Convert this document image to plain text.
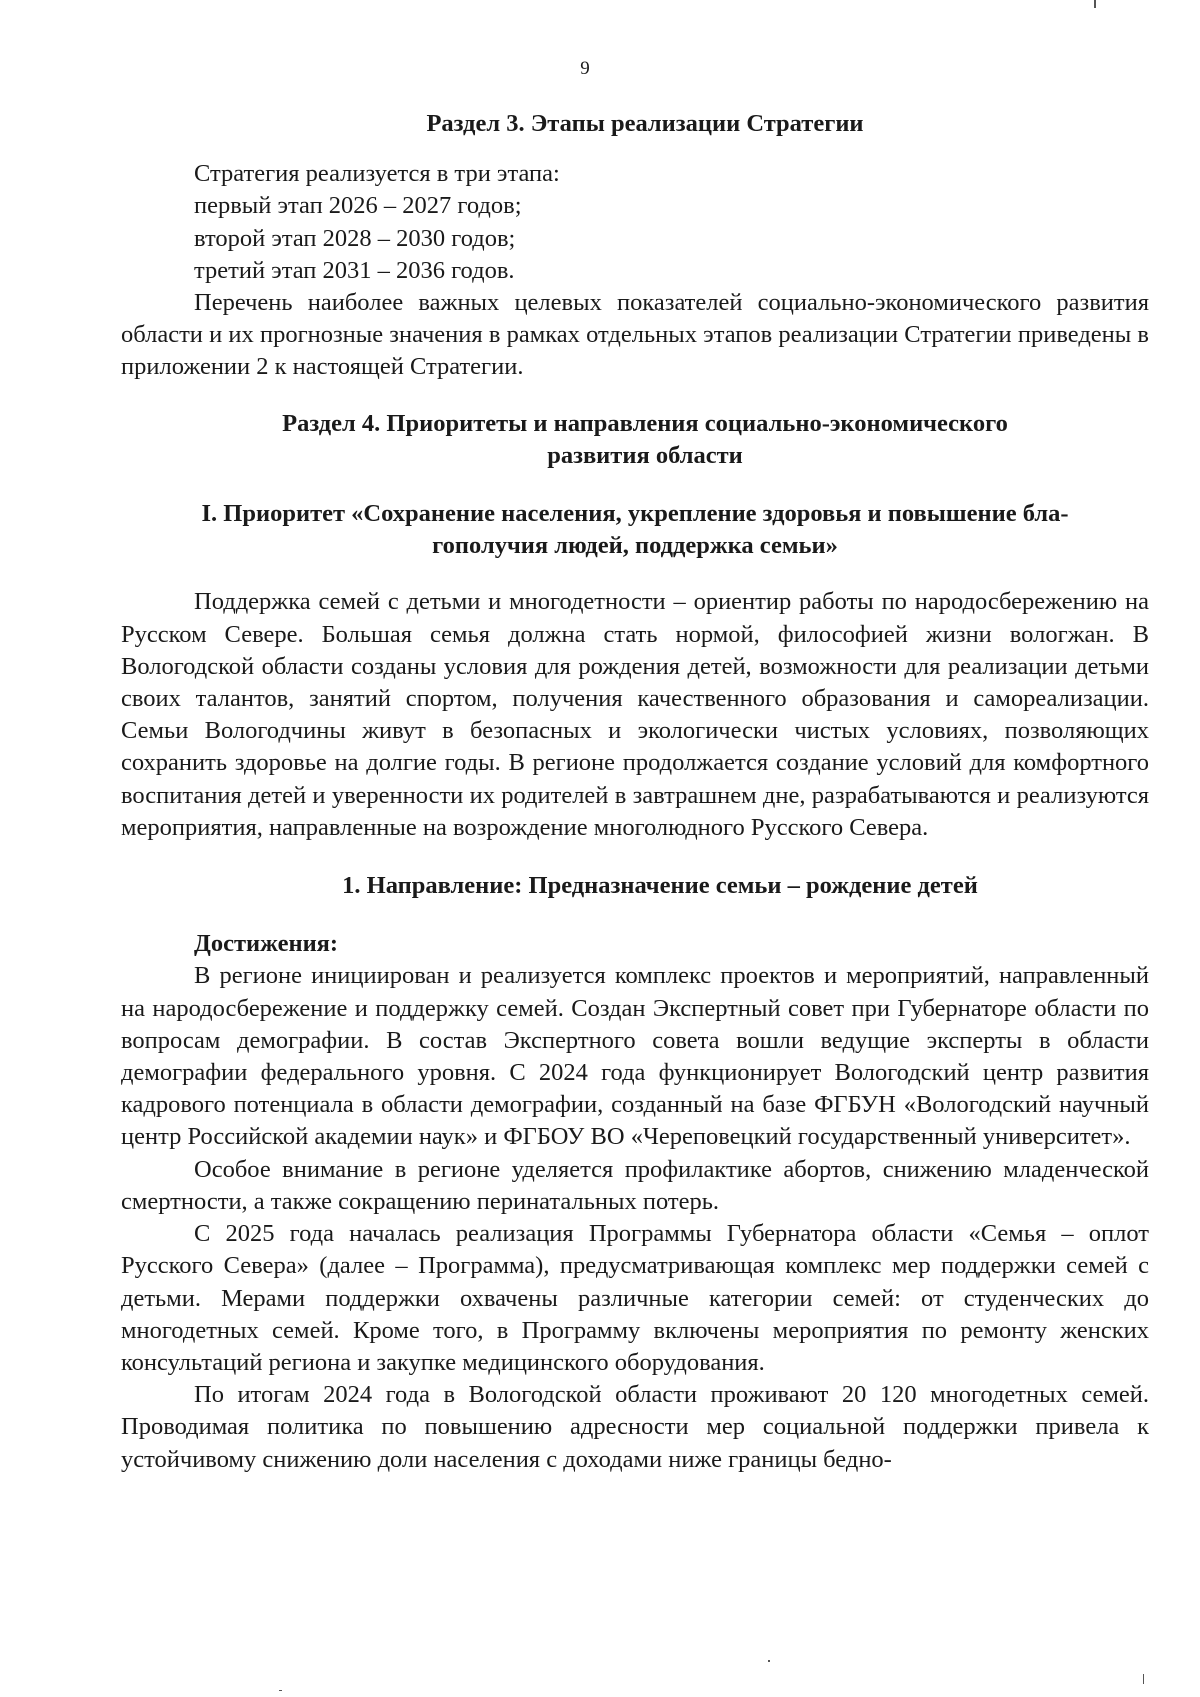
9

Раздел 3. Этапы реализации Стратегии

Стратегия реализуется в три этапа:

первый этап 2026 – 2027 годов;

второй этап 2028 – 2030 годов;

третий этап 2031 – 2036 годов.

Перечень наиболее важных целевых показателей социально-экономического развития области и их прогнозные значения в рамках отдельных этапов реализации Стратегии приведены в приложении 2 к настоящей Стратегии.

Раздел 4. Приоритеты и направления социально-экономического
развития области
I. Приоритет «Сохранение населения, укрепление здоровья и повышение бла-
гополучия людей, поддержка семьи»

Поддержка семей с детьми и многодетности – ориентир работы по народосбережению на Русском Севере. Большая семья должна стать нормой, философией жизни вологжан. В Вологодской области созданы условия для рождения детей, возможности для реализации детьми своих талантов, занятий спортом, получения качественного образования и самореализации. Семьи Вологодчины живут в безопасных и экологически чистых условиях, позволяющих сохранить здоровье на долгие годы. В регионе продолжается создание условий для комфортного воспитания детей и уверенности их родителей в завтрашнем дне, разрабатываются и реализуются мероприятия, направленные на возрождение многолюдного Русского Севера.

1. Направление: Предназначение семьи – рождение детей

Достижения:

В регионе инициирован и реализуется комплекс проектов и мероприятий, направленный на народосбережение и поддержку семей. Создан Экспертный совет при Губернаторе области по вопросам демографии. В состав Экспертного совета вошли ведущие эксперты в области демографии федерального уровня. С 2024 года функционирует Вологодский центр развития кадрового потенциала в области демографии, созданный на базе ФГБУН «Вологодский научный центр Российской академии наук» и ФГБОУ ВО «Череповецкий государственный университет».

Особое внимание в регионе уделяется профилактике абортов, снижению младенческой смертности, а также сокращению перинатальных потерь.

С 2025 года началась реализация Программы Губернатора области «Семья – оплот Русского Севера» (далее – Программа), предусматривающая комплекс мер поддержки семей с детьми. Мерами поддержки охвачены различные категории семей: от студенческих до многодетных семей. Кроме того, в Программу включены мероприятия по ремонту женских консультаций региона и закупке медицинского оборудования.

По итогам 2024 года в Вологодской области проживают 20 120 многодетных семей. Проводимая политика по повышению адресности мер социальной поддержки привела к устойчивому снижению доли населения с доходами ниже границы бедно-
